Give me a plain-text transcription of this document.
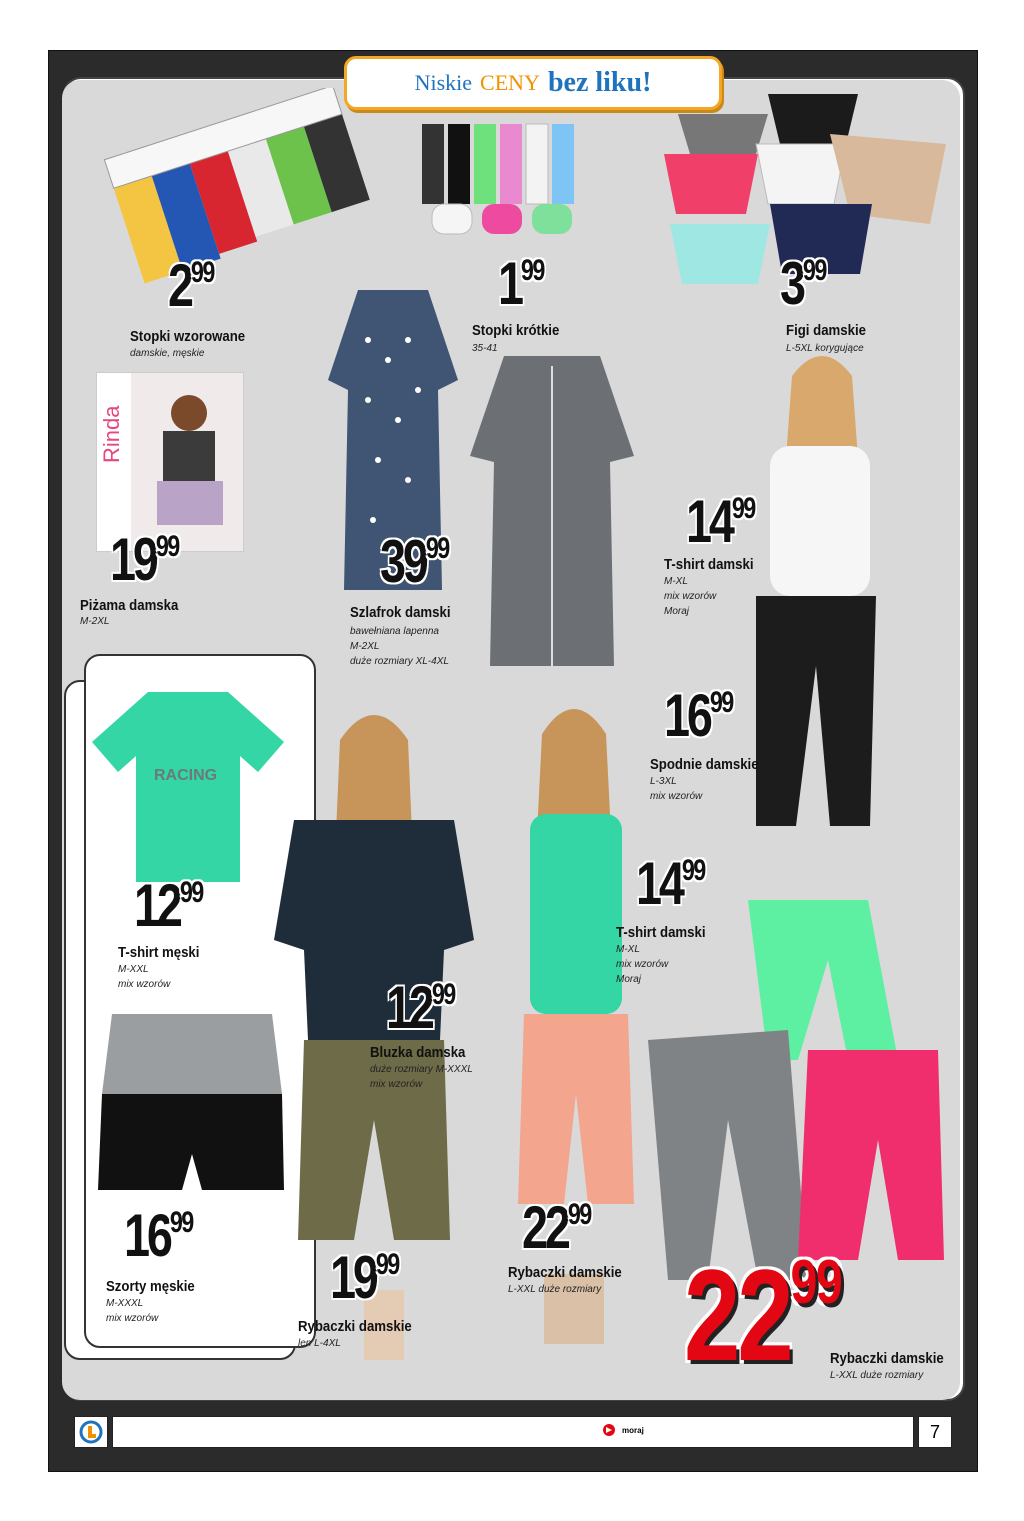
Niskie CENY bez liku!
Rinda
RACING
299
Stopki wzorowane
damskie, męskie
199
Stopki krótkie
35-41
399
Figi damskie
L-5XL korygujące
1999
Piżama damska
M-2XL
3999
Szlafrok damski
bawełniana lapenna
M-2XL
duże rozmiary XL-4XL
1499
T-shirt damski
M-XL
mix wzorów
Moraj
1699
Spodnie damskie
L-3XL
mix wzorów
1299
T-shirt męski
M-XXL
mix wzorów
1499
T-shirt damski
M-XL
mix wzorów
Moraj
1299
Bluzka damska
duże rozmiary M-XXXL
mix wzorów
1699
Szorty męskie
M-XXXL
mix wzorów
1999
Rybaczki damskie
len L-4XL
2299
Rybaczki damskie
L-XXL duże rozmiary 2299
Rybaczki damskie
L-XXL duże rozmiary
moraj	7
